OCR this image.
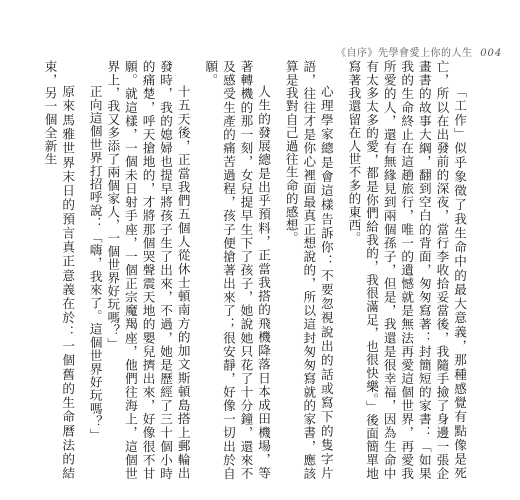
《自序》先學會愛上你的人生 004

「工作」似乎象徵了我生命中的最大意義，那種感覺有點像是死亡，所以在出發前的深夜，當行李收拾妥當後，我隨手撿了身邊一張企畫書的故事大綱，翻到空白的背面，匆匆寫著：封簡短的家書：「如果我的生命終止在這趟旅行，唯一的遺憾就是無法再愛這個世界，再愛我所愛的人，還有無緣見到兩個孫子，但是，我還是很幸福，因為生命中有太多太多的愛，都是你們給我的，我很滿足，也很快樂。」後面簡單地寫著我還留在人世不多的東西。

心理學家總是會這樣告訴你：不要忽視說出的話或寫下的隻字片語，往往才是你心裡面最真正想說的，所以這封匆匆寫就的家書，應該算是我對自己過往生命的感想。

人生的發展總是出乎預料，正當我搭的飛機降落日本成田機場，等著轉機的那一刻，女兒提早生下了孩子，她說她只花了十分鐘，還來不及感受生產的痛苦過程，孩子便搶著出來了；很安靜，好像一切出於自願。

十五天後，正當我們五個人從休士頓南方的加文斯頓島搭上郵輪出發時，我的媳婦也提早將孩子生了出來，不過，她是歷經了三十個小時的痛楚，呼天搶地的，才將那個哭聲震天地的嬰兒擠出來，好像很不甘願。就這樣，一個未日射手座，一個正宗魔羯座，他們往海上，這個世界上，我又多添了兩個家人，一個世界好玩嗎？」

正向這個世界打招呼說：「嗨，我來了。這個世界好玩嗎？」

原來馬雅世界末日的預言真正意義在於：一個舊的生命曆法的結束，另一個全新生
